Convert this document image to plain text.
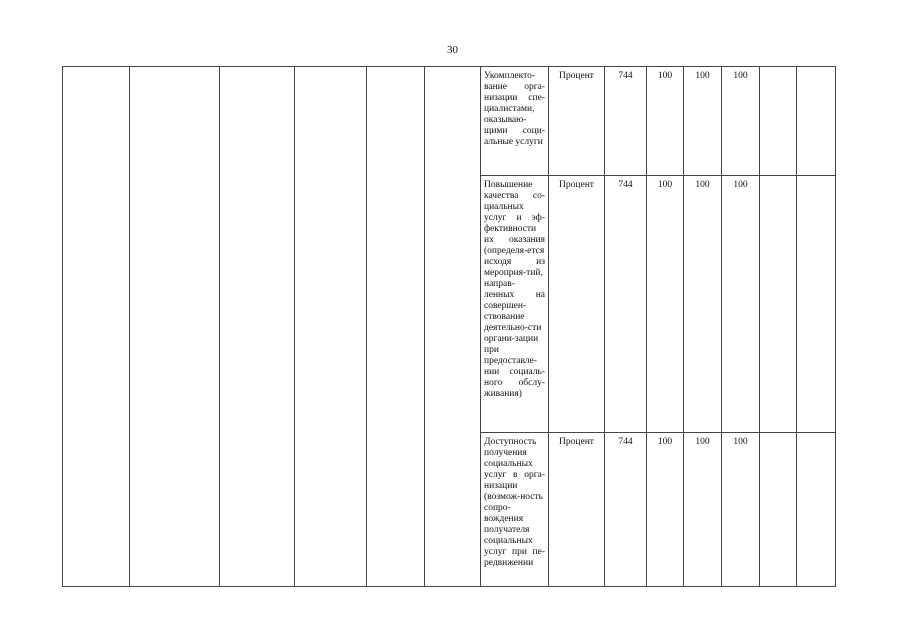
30
						Укомплекто-вание орга-низации спе-циалистами, оказываю-щими соци-альные услуги	Процент	744	100	100	100		
						Повышение качества со-циальных услуг и эф-фективности их оказания (определя-ется исходя из мероприя-тий, направ-ленных на совершен-ствование деятельно-сти органи-зации при предоставле-нии социаль-ного обслу-живания)	Процент	744	100	100	100		
						Доступность получения социальных услуг в орга-низации (возмож-ность сопро-вождения получателя социальных услуг при пе-редвижении	Процент	744	100	100	100		
